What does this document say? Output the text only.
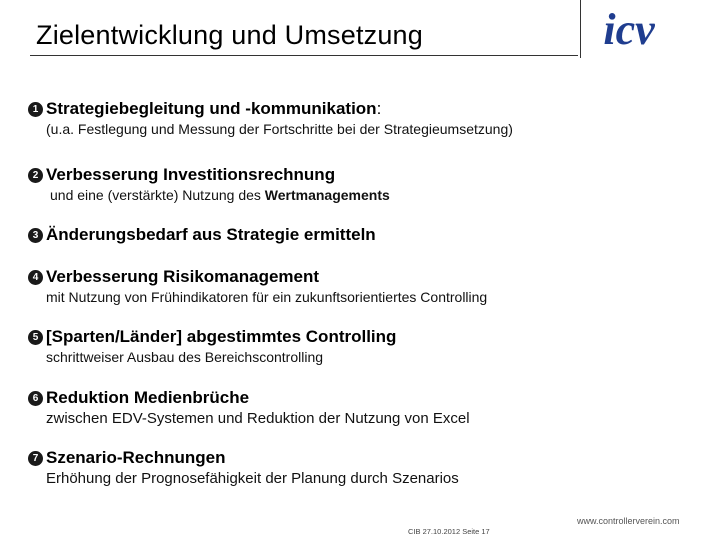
Zielentwicklung und Umsetzung	icv
1 Strategiebegleitung und -kommunikation:
(u.a. Festlegung und Messung der Fortschritte bei der Strategieumsetzung)
2 Verbesserung Investitionsrechnung
und eine (verstärkte) Nutzung des Wertmanagements
3 Änderungsbedarf aus Strategie ermitteln
4 Verbesserung Risikomanagement
mit Nutzung von Frühindikatoren für ein zukunftsorientiertes Controlling
5 [Sparten/Länder] abgestimmtes Controlling
schrittweiser Ausbau des Bereichscontrolling
6 Reduktion Medienbrüche
zwischen EDV-Systemen und Reduktion der Nutzung von Excel
7 Szenario-Rechnungen
Erhöhung der Prognosefähigkeit der Planung durch Szenarios
www.controllerverein.com
CIB 27.10.2012 Seite 17
